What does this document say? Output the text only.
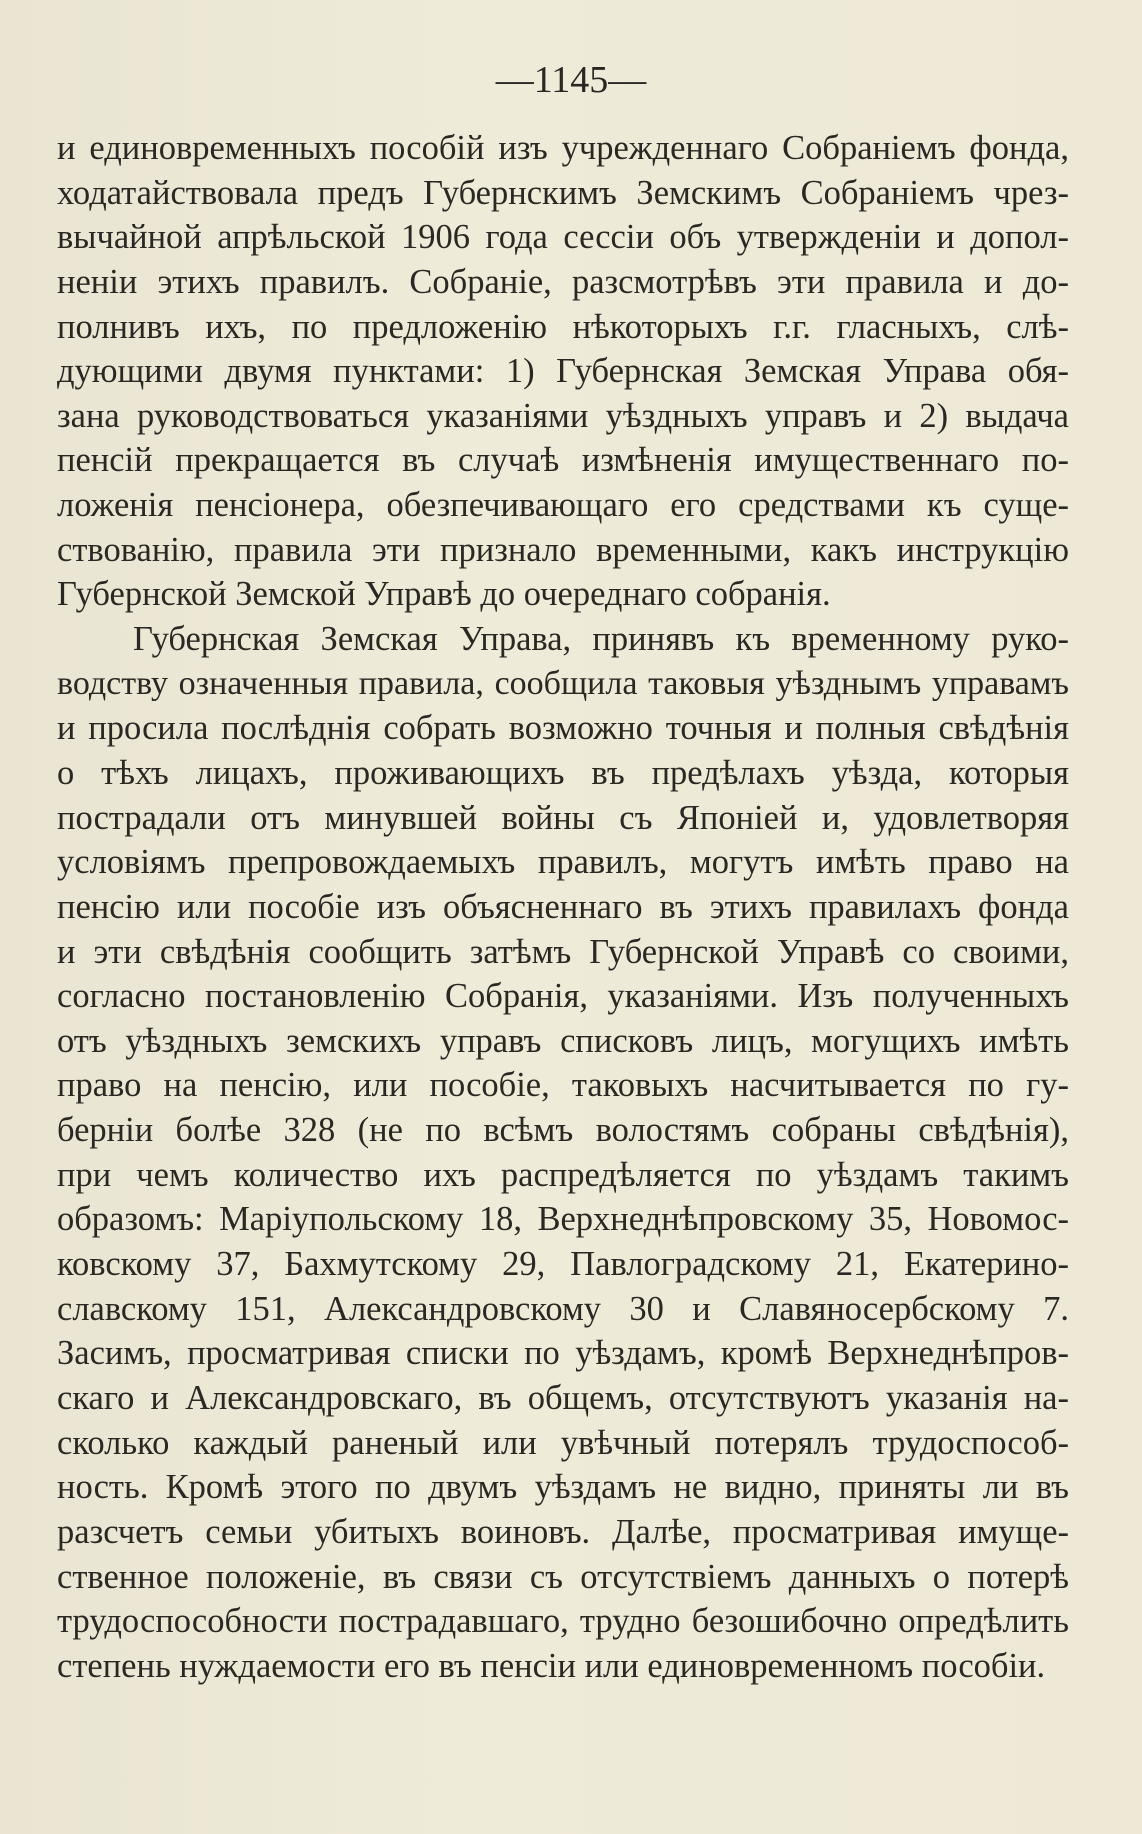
—1145—
и единовременныхъ пособій изъ учрежденнаго Собраніемъ фонда,
ходатайствовала предъ Губернскимъ Земскимъ Собраніемъ чрез-
вычайной апрѣльской 1906 года сессіи объ утвержденіи и допол-
неніи этихъ правилъ. Собраніе, разсмотрѣвъ эти правила и до-
полнивъ ихъ, по предложенію нѣкоторыхъ г.г. гласныхъ, слѣ-
дующими двумя пунктами: 1) Губернская Земская Управа обя-
зана руководствоваться указаніями уѣздныхъ управъ и 2) выдача
пенсій прекращается въ случаѣ измѣненія имущественнаго по-
ложенія пенсіонера, обезпечивающаго его средствами къ суще-
ствованію, правила эти признало временными, какъ инструкцію
Губернской Земской Управѣ до очереднаго собранія.
Губернская Земская Управа, принявъ къ временному руко-
водству означенныя правила, сообщила таковыя уѣзднымъ управамъ
и просила послѣднія собрать возможно точныя и полныя свѣдѣнія
о тѣхъ лицахъ, проживающихъ въ предѣлахъ уѣзда, которыя
пострадали отъ минувшей войны съ Японіей и, удовлетворяя
условіямъ препровождаемыхъ правилъ, могутъ имѣть право на
пенсію или пособіе изъ объясненнаго въ этихъ правилахъ фонда
и эти свѣдѣнія сообщить затѣмъ Губернской Управѣ со своими,
согласно постановленію Собранія, указаніями. Изъ полученныхъ
отъ уѣздныхъ земскихъ управъ списковъ лицъ, могущихъ имѣть
право на пенсію, или пособіе, таковыхъ насчитывается по гу-
берніи болѣе 328 (не по всѣмъ волостямъ собраны свѣдѣнія),
при чемъ количество ихъ распредѣляется по уѣздамъ такимъ
образомъ: Маріупольскому 18, Верхнеднѣпровскому 35, Новомос-
ковскому 37, Бахмутскому 29, Павлоградскому 21, Екатерино-
славскому 151, Александровскому 30 и Славяносербскому 7.
Засимъ, просматривая списки по уѣздамъ, кромѣ Верхнеднѣпров-
скаго и Александровскаго, въ общемъ, отсутствуютъ указанія на-
сколько каждый раненый или увѣчный потерялъ трудоспособ-
ность. Кромѣ этого по двумъ уѣздамъ не видно, приняты ли въ
разсчетъ семьи убитыхъ воиновъ. Далѣе, просматривая имуще-
ственное положеніе, въ связи съ отсутствіемъ данныхъ о потерѣ
трудоспособности пострадавшаго, трудно безошибочно опредѣлить
степень нуждаемости его въ пенсіи или единовременномъ пособіи.
